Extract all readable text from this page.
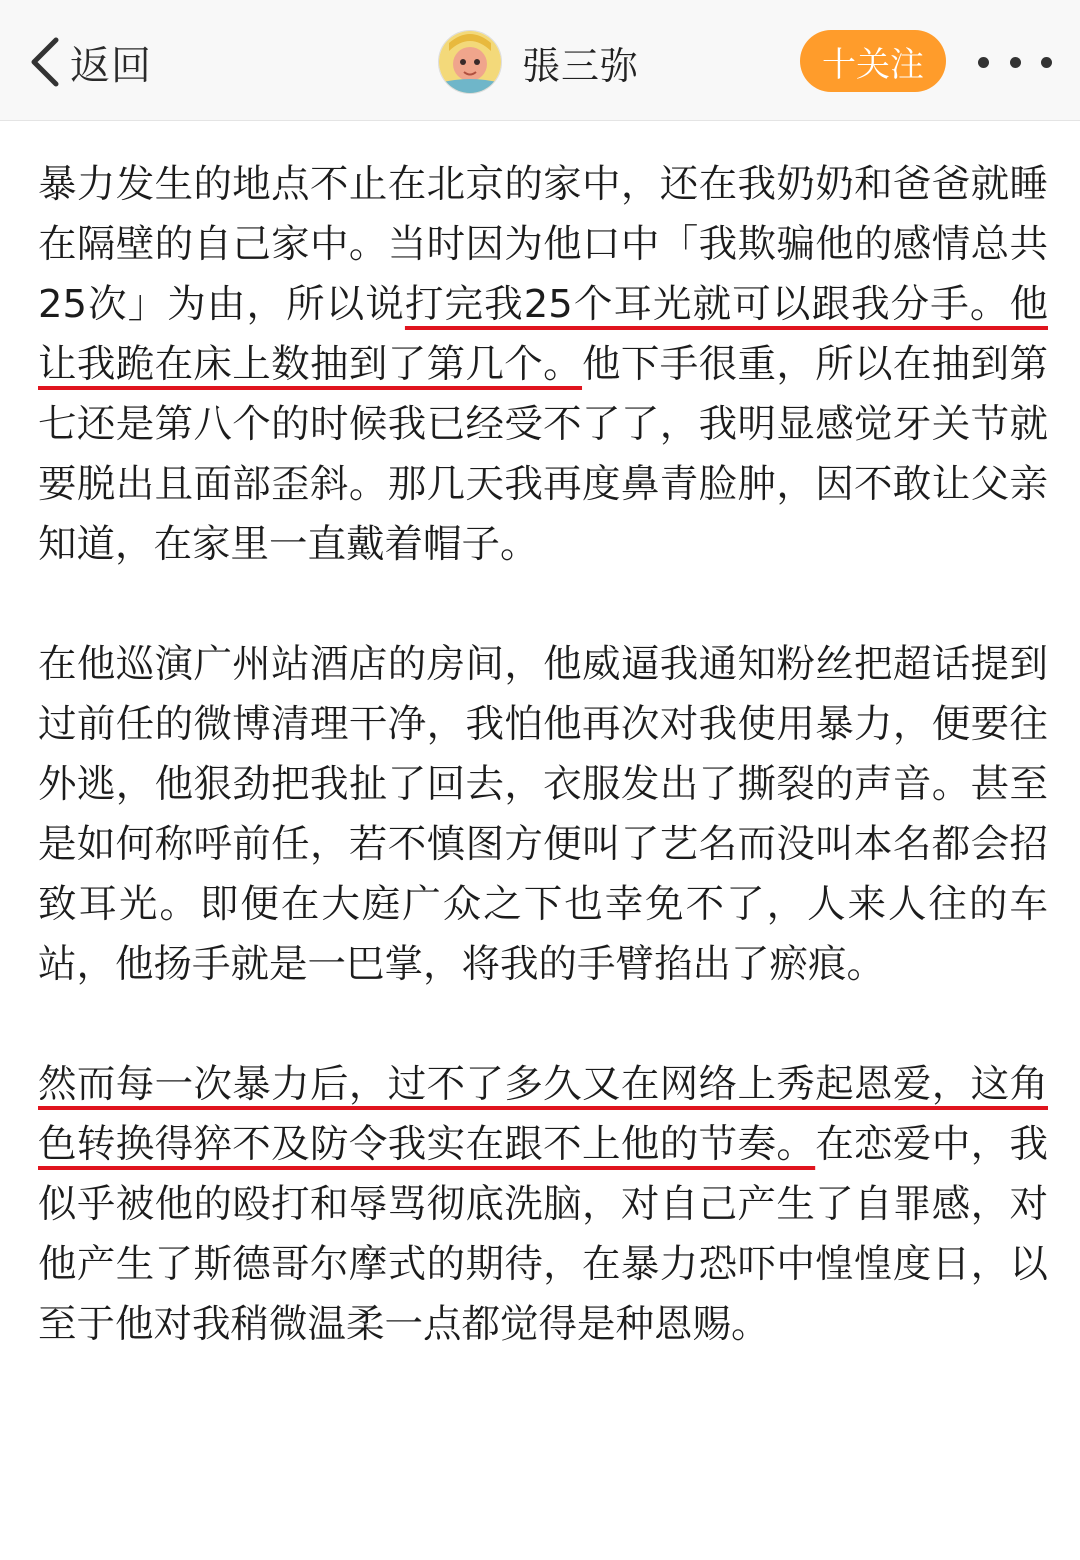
返回	張三弥	十关注

暴力发生的地点不止在北京的家中，还在我奶奶和爸爸就睡在隔壁的自己家中。当时因为他口中「我欺骗他的感情总共25次」为由，所以说打完我25个耳光就可以跟我分手。他让我跪在床上数抽到了第几个。他下手很重，所以在抽到第七还是第八个的时候我已经受不了了，我明显感觉牙关节就要脱出且面部歪斜。那几天我再度鼻青脸肿，因不敢让父亲知道，在家里一直戴着帽子。

在他巡演广州站酒店的房间，他威逼我通知粉丝把超话提到过前任的微博清理干净，我怕他再次对我使用暴力，便要往外逃，他狠劲把我扯了回去，衣服发出了撕裂的声音。甚至是如何称呼前任，若不慎图方便叫了艺名而没叫本名都会招致耳光。即便在大庭广众之下也幸免不了，人来人往的车站，他扬手就是一巴掌，将我的手臂掐出了瘀痕。

然而每一次暴力后，过不了多久又在网络上秀起恩爱，这角色转换得猝不及防令我实在跟不上他的节奏。在恋爱中，我似乎被他的殴打和辱骂彻底洗脑，对自己产生了自罪感，对他产生了斯德哥尔摩式的期待，在暴力恐吓中惶惶度日，以至于他对我稍微温柔一点都觉得是种恩赐。
